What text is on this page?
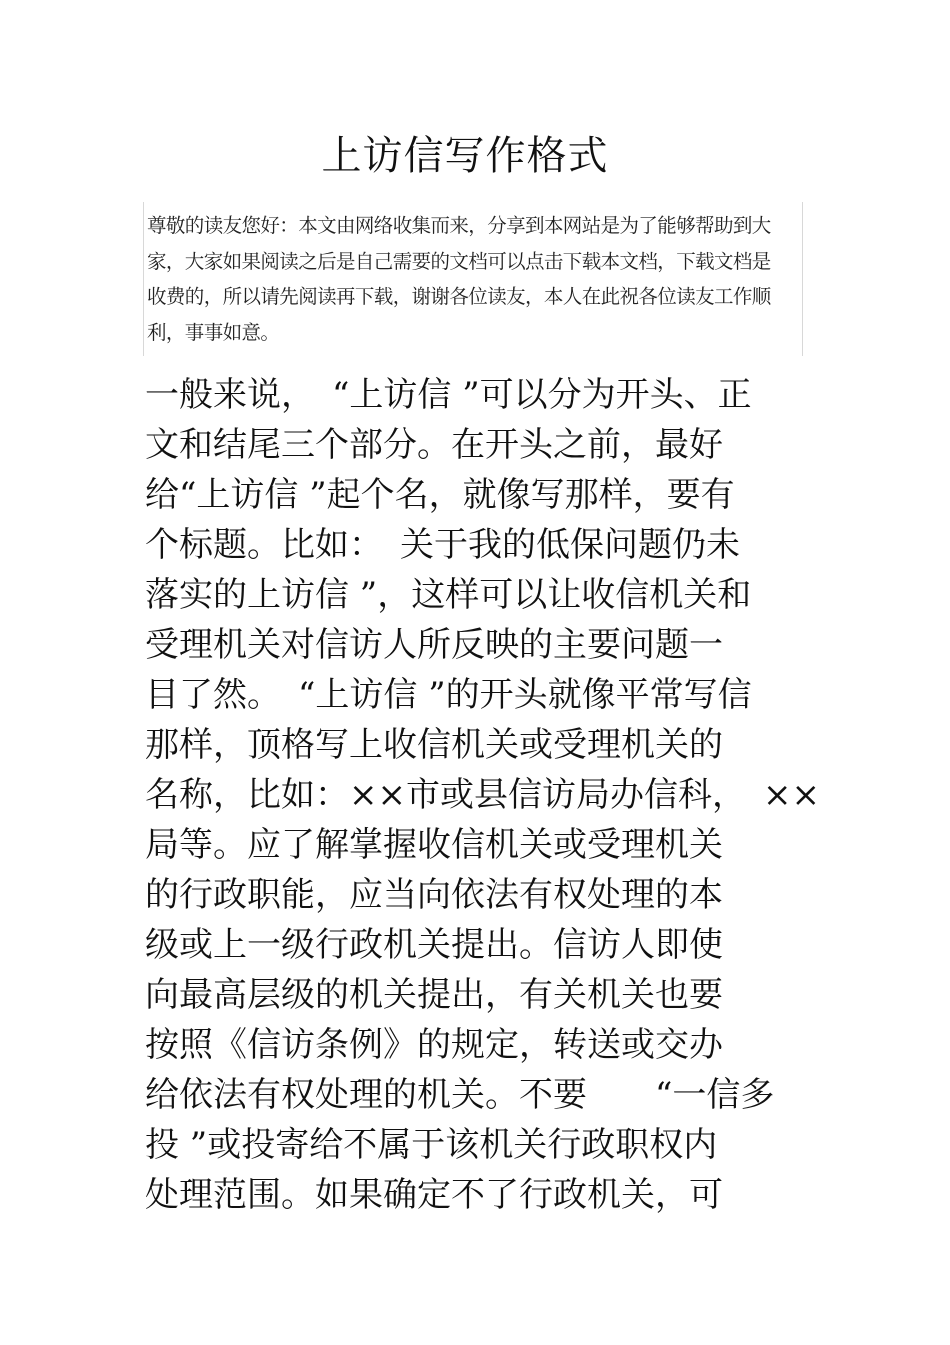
上访信写作格式
尊敬的读友您好：本文由网络收集而来，分享到本网站是为了能够帮助到大
家，大家如果阅读之后是自己需要的文档可以点击下载本文档，下载文档是
收费的，所以请先阅读再下载，谢谢各位读友，本人在此祝各位读友工作顺
利，事事如意。
一般来说，　“上访信 ”可以分为开头、正
文和结尾三个部分。在开头之前，最好
给“上访信 ”起个名，就像写那样，要有
个标题。比如：　关于我的低保问题仍未
落实的上访信 ”，这样可以让收信机关和
受理机关对信访人所反映的主要问题一
目了然。　“上访信 ”的开头就像平常写信
那样，顶格写上收信机关或受理机关的
名称，比如：××市或县信访局办信科，　××
局等。应了解掌握收信机关或受理机关
的行政职能，应当向依法有权处理的本
级或上一级行政机关提出。信访人即使
向最高层级的机关提出，有关机关也要
按照《信访条例》的规定，转送或交办
给依法有权处理的机关。不要　　“一信多
投 ”或投寄给不属于该机关行政职权内
处理范围。如果确定不了行政机关，可
